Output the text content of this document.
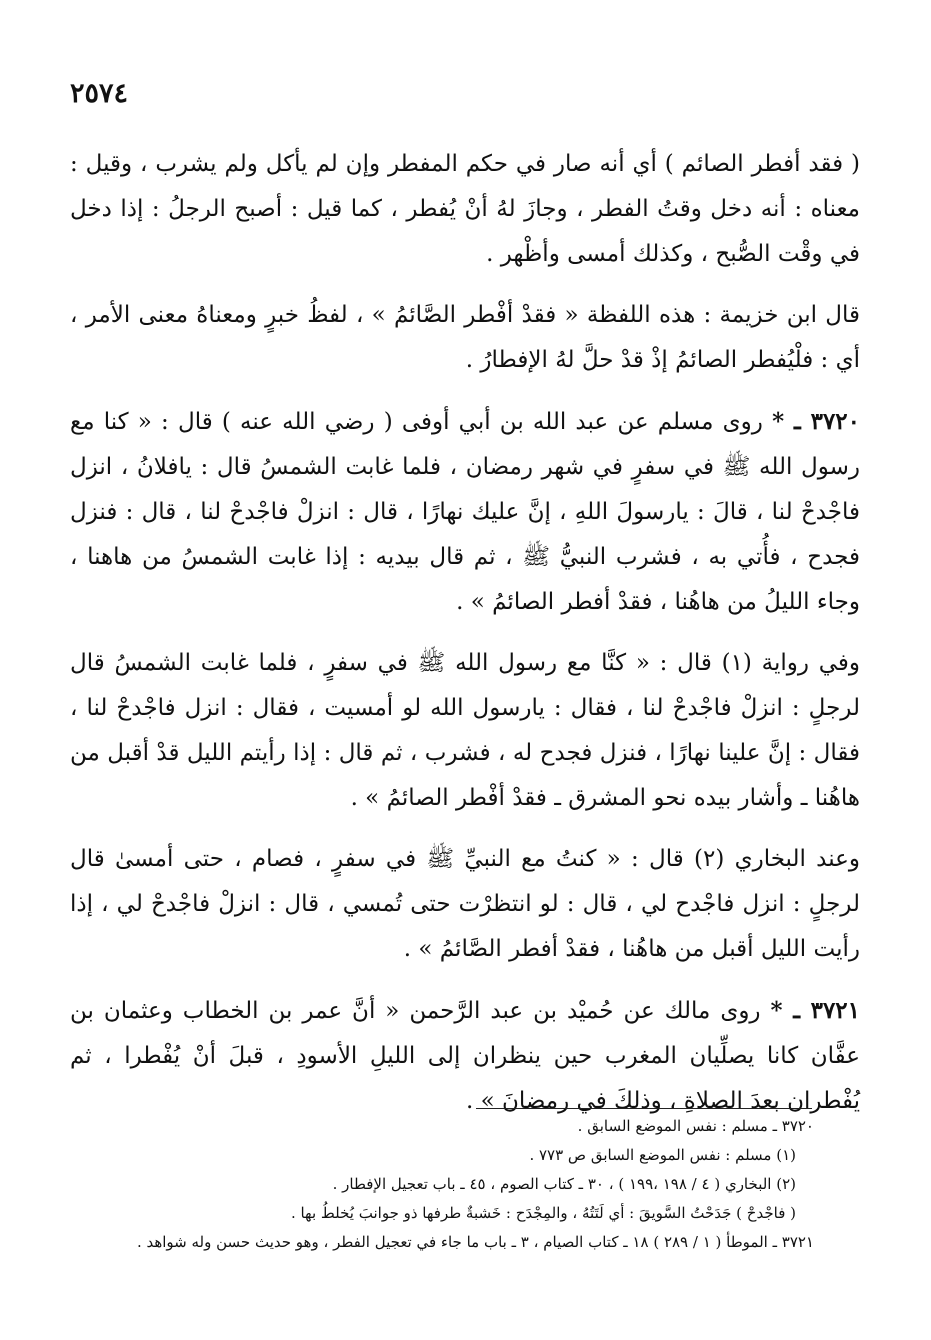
٢٥٧٤

( فقد أفطر الصائم ) أي أنه صار في حكم المفطر وإن لم يأكل ولم يشرب ، وقيل : معناه : أنه دخل وقتُ الفطر ، وجازَ لهُ أنْ يُفطر ، كما قيل : أصبح الرجلُ : إذا دخل في وقْت الصُّبح ، وكذلك أمسى وأظْهر .

قال ابن خزيمة : هذه اللفظة « فقدْ أفْطر الصَّائمُ » ، لفظُ خبرٍ ومعناهُ معنى الأمر ، أي : فلْيُفطر الصائمُ إذْ قدْ حلَّ لهُ الإفطارُ .

٣٧٢٠ ـ * روى مسلم عن عبد الله بن أبي أوفى ( رضي الله عنه ) قال : « كنا مع رسول الله ﷺ في سفرٍ في شهر رمضان ، فلما غابت الشمسُ قال : يافلانُ ، انزل فاجْدحْ لنا ، قالَ : يارسولَ اللهِ ، إنَّ عليك نهارًا ، قال : انزلْ فاجْدحْ لنا ، قال : فنزل فجدح ، فأُتي به ، فشرب النبيُّ ﷺ ، ثم قال بيديه : إذا غابت الشمسُ من هاهنا ، وجاء الليلُ من هاهُنا ، فقدْ أفطر الصائمُ » .

وفي رواية (١) قال : « كنَّا مع رسول الله ﷺ في سفرٍ ، فلما غابت الشمسُ قال لرجلٍ : انزلْ فاجْدحْ لنا ، فقال : يارسول الله لو أمسيت ، فقال : انزل فاجْدحْ لنا ، فقال : إنَّ علينا نهارًا ، فنزل فجدح له ، فشرب ، ثم قال : إذا رأيتم الليل قدْ أقبل من هاهُنا ـ وأشار بيده نحو المشرق ـ فقدْ أفْطر الصائمُ » .

وعند البخاري (٢) قال : « كنتُ مع النبيِّ ﷺ في سفرٍ ، فصام ، حتى أمسىٰ قال لرجلٍ : انزل فاجْدح لي ، قال : لو انتظرْت حتى تُمسي ، قال : انزلْ فاجْدحْ لي ، إذا رأيت الليل أقبل من هاهُنا ، فقدْ أفطر الصَّائمُ » .

٣٧٢١ ـ * روى مالك عن حُميْد بن عبد الرَّحمن « أنَّ عمر بن الخطاب وعثمان بن عفَّان كانا يصلِّيان المغرب حين ينظران إلى الليلِ الأسودِ ، قبلَ أنْ يُفْطرا ، ثم يُفْطران بعدَ الصلاةِ ، وذلكَ في رمضانَ » .

٣٧٢٠ ـ مسلم : نفس الموضع السابق .

(١) مسلم : نفس الموضع السابق ص ٧٧٣ .

(٢) البخاري ( ٤ / ١٩٨ ،١٩٩ ) ، ٣٠ ـ كتاب الصوم ، ٤٥ ـ باب تعجيل الإفطار .

( فاجْدحْ ) جَدَحْتُ السَّويقَ : أي لَتَتُهُ ، والمِجْدَح : خَشبةٌ طرفها ذو جوانبَ يُخلطُ بها .

٣٧٢١ ـ الموطأ ( ١ / ٢٨٩ ) ١٨ ـ كتاب الصيام ، ٣ ـ باب ما جاء في تعجيل الفطر ، وهو حديث حسن وله شواهد .
